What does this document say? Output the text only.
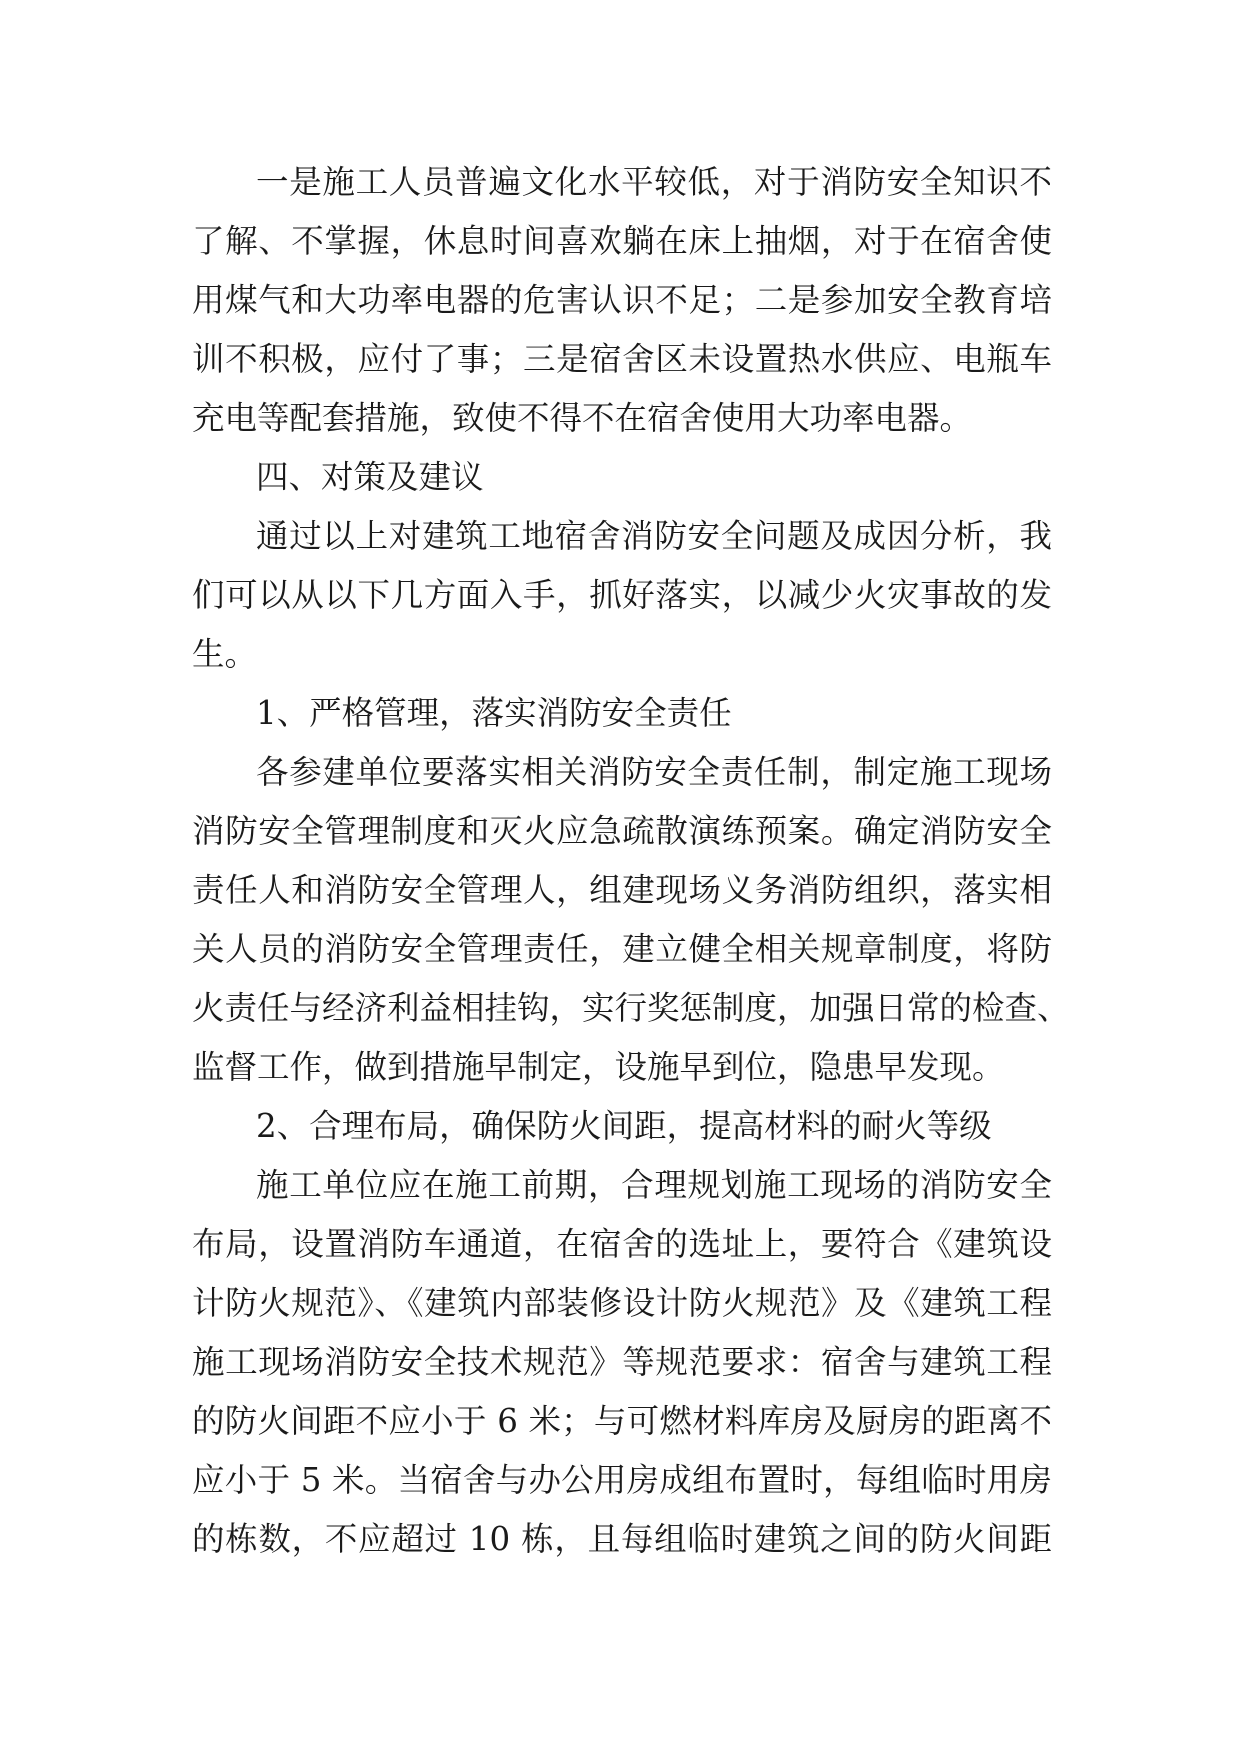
一是施工人员普遍文化水平较低，对于消防安全知识不
了解、不掌握，休息时间喜欢躺在床上抽烟，对于在宿舍使
用煤气和大功率电器的危害认识不足；二是参加安全教育培
训不积极，应付了事；三是宿舍区未设置热水供应、电瓶车
充电等配套措施，致使不得不在宿舍使用大功率电器。
四、对策及建议
通过以上对建筑工地宿舍消防安全问题及成因分析，我
们可以从以下几方面入手，抓好落实，以减少火灾事故的发
生。
1、严格管理，落实消防安全责任
各参建单位要落实相关消防安全责任制，制定施工现场
消防安全管理制度和灭火应急疏散演练预案。确定消防安全
责任人和消防安全管理人，组建现场义务消防组织，落实相
关人员的消防安全管理责任，建立健全相关规章制度，将防
火责任与经济利益相挂钩，实行奖惩制度，加强日常的检查、
监督工作，做到措施早制定，设施早到位，隐患早发现。
2、合理布局，确保防火间距，提高材料的耐火等级
施工单位应在施工前期，合理规划施工现场的消防安全
布局，设置消防车通道，在宿舍的选址上，要符合《建筑设
计防火规范》、《建筑内部装修设计防火规范》及《建筑工程
施工现场消防安全技术规范》等规范要求：宿舍与建筑工程
的防火间距不应小于 6 米；与可燃材料库房及厨房的距离不
应小于 5 米。当宿舍与办公用房成组布置时，每组临时用房
的栋数，不应超过 10 栋，且每组临时建筑之间的防火间距
